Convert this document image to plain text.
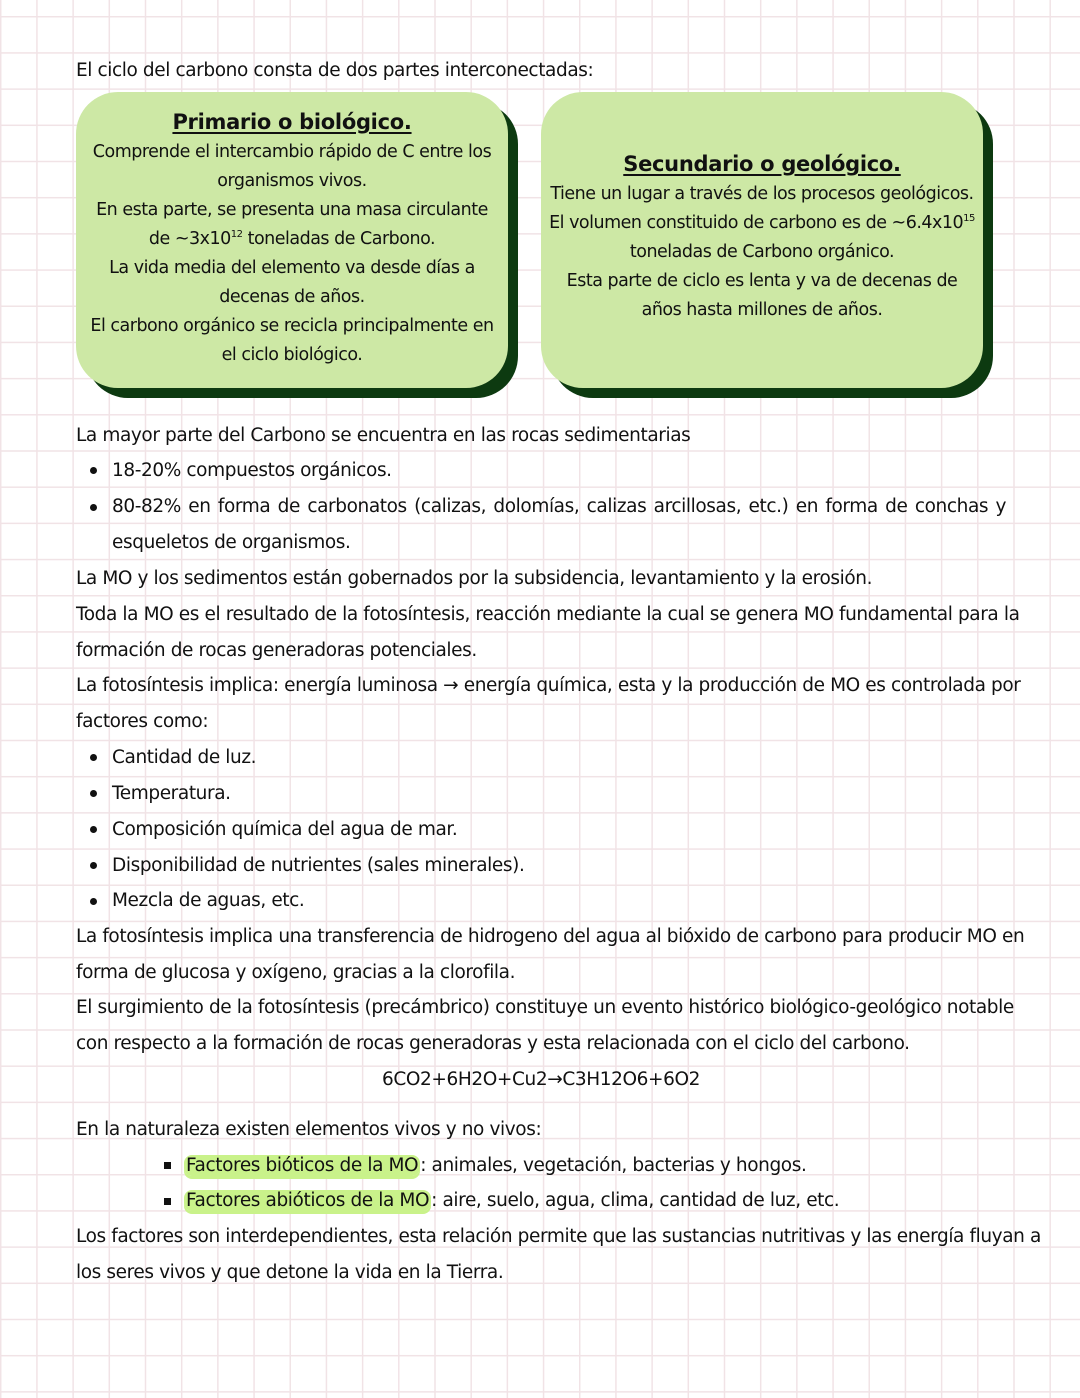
El ciclo del carbono consta de dos partes interconectadas:
Primario o biológico.

Comprende el intercambio rápido de C entre los

organismos vivos.

En esta parte, se presenta una masa circulante

de $\sim 3x10^{12}$ toneladas de Carbono.

La vida media del elemento va desde días a

decenas de años.

El carbono orgánico se recicla principalmente en

el ciclo biológico.

Secundario o geológico.

Tiene un lugar a través de los procesos geológicos.

El volumen constituido de carbono es de $\sim 6.4x10^{15}$

toneladas de Carbono orgánico.

Esta parte de ciclo es lenta y va de decenas de

años hasta millones de años.

La mayor parte del Carbono se encuentra en las rocas sedimentarias
18-20% compuestos orgánicos.
80-82% en forma de carbonatos (calizas, dolomías, calizas arcillosas, etc.) en forma de conchas y
esqueletos de organismos.
La MO y los sedimentos están gobernados por la subsidencia, levantamiento y la erosión.
Toda la MO es el resultado de la fotosíntesis, reacción mediante la cual se genera MO fundamental para la
formación de rocas generadoras potenciales.
La fotosíntesis implica: energía luminosa → energía química, esta y la producción de MO es controlada por
factores como:
Cantidad de luz.
Temperatura.
Composición química del agua de mar.
Disponibilidad de nutrientes (sales minerales).
Mezcla de aguas, etc.
La fotosíntesis implica una transferencia de hidrogeno del agua al bióxido de carbono para producir MO en
forma de glucosa y oxígeno, gracias a la clorofila.
El surgimiento de la fotosíntesis (precámbrico) constituye un evento histórico biológico-geológico notable
con respecto a la formación de rocas generadoras y esta relacionada con el ciclo del carbono.
6CO2+6H2O+Cu2→C3H12O6+6O2
En la naturaleza existen elementos vivos y no vivos:
Factores bióticos de la MO : animales, vegetación, bacterias y hongos.
Factores abióticos de la MO : aire, suelo, agua, clima, cantidad de luz, etc.
Los factores son interdependientes, esta relación permite que las sustancias nutritivas y las energía fluyan a
los seres vivos y que detone la vida en la Tierra.
